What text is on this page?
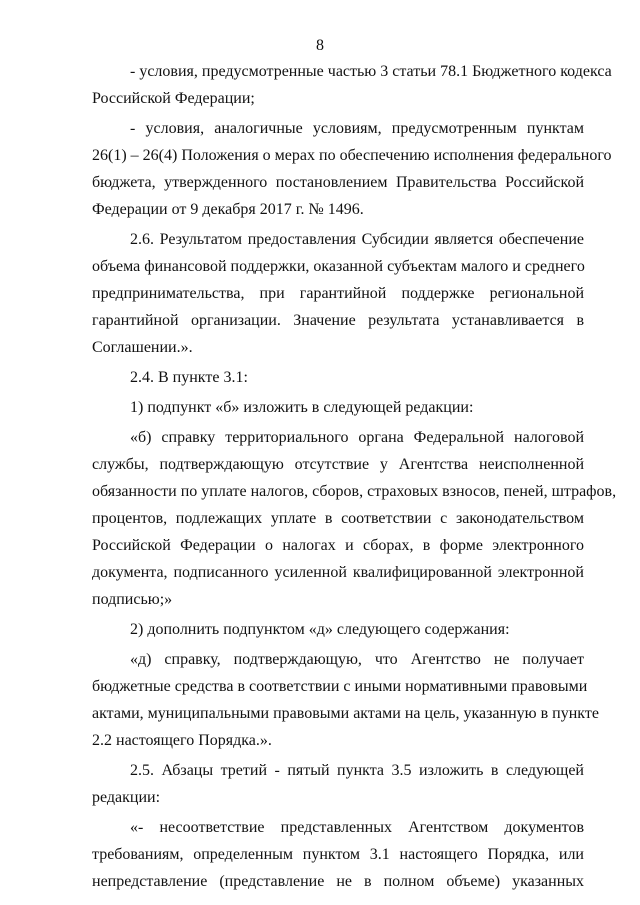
8
- условия, предусмотренные частью 3 статьи 78.1 Бюджетного кодекса
Российской Федерации;
- условия, аналогичные условиям, предусмотренным пунктам
26(1) – 26(4) Положения о мерах по обеспечению исполнения федерального
бюджета, утвержденного постановлением Правительства Российской
Федерации от 9 декабря 2017 г. № 1496.
2.6. Результатом предоставления Субсидии является обеспечение
объема финансовой поддержки, оказанной субъектам малого и среднего
предпринимательства, при гарантийной поддержке региональной
гарантийной организации. Значение результата устанавливается в
Соглашении.».
2.4. В пункте 3.1:
1) подпункт «б» изложить в следующей редакции:
«б) справку территориального органа Федеральной налоговой
службы, подтверждающую отсутствие у Агентства неисполненной
обязанности по уплате налогов, сборов, страховых взносов, пеней, штрафов,
процентов, подлежащих уплате в соответствии с законодательством
Российской Федерации о налогах и сборах, в форме электронного
документа, подписанного усиленной квалифицированной электронной
подписью;»
2) дополнить подпунктом «д» следующего содержания:
«д) справку, подтверждающую, что Агентство не получает
бюджетные средства в соответствии с иными нормативными правовыми
актами, муниципальными правовыми актами на цель, указанную в пункте
2.2 настоящего Порядка.».
2.5. Абзацы третий - пятый пункта 3.5 изложить в следующей
редакции:
«- несоответствие представленных Агентством документов
требованиям, определенным пунктом 3.1 настоящего Порядка, или
непредставление (представление не в полном объеме) указанных
